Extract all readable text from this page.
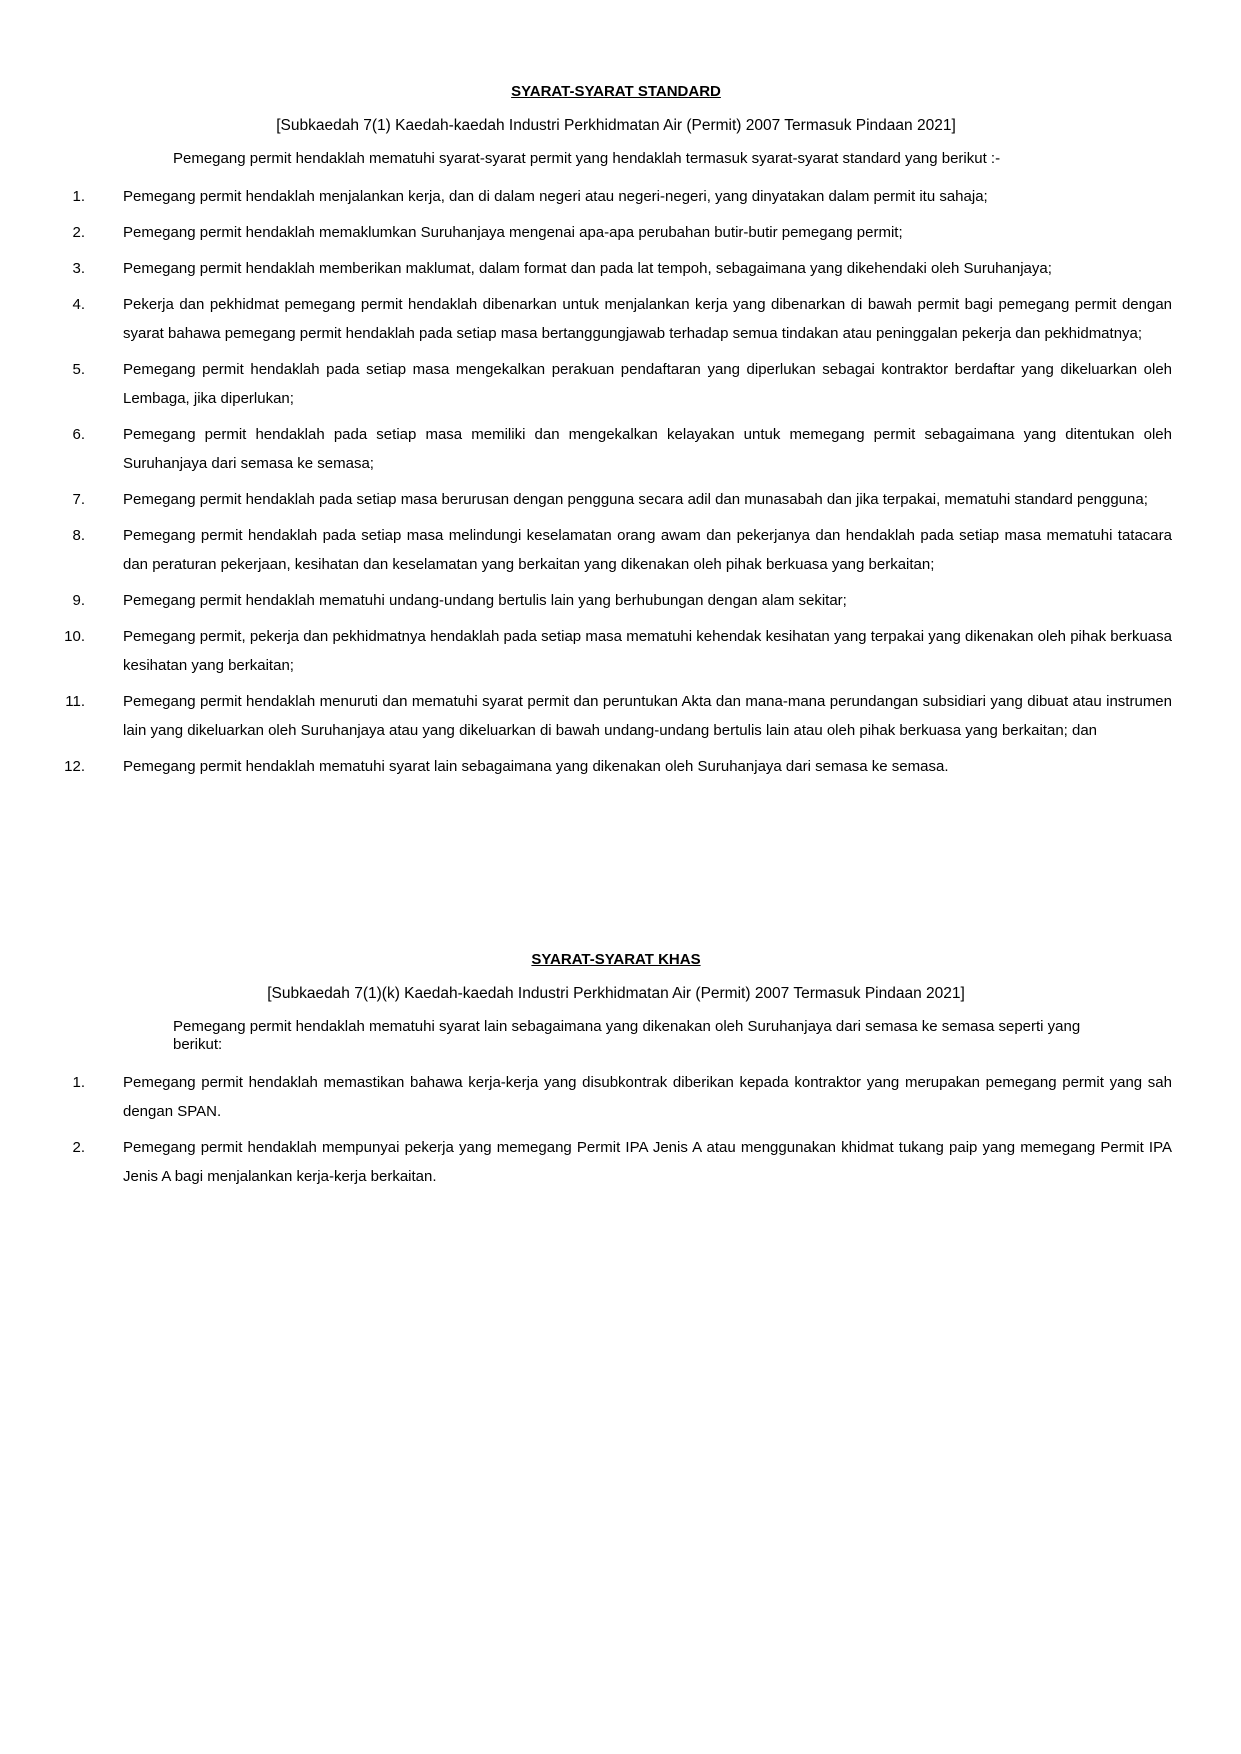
SYARAT-SYARAT STANDARD

[Subkaedah 7(1) Kaedah-kaedah Industri Perkhidmatan Air (Permit) 2007 Termasuk Pindaan 2021]

Pemegang permit hendaklah mematuhi syarat-syarat permit yang hendaklah termasuk syarat-syarat standard yang berikut :-

1.	Pemegang permit hendaklah menjalankan kerja, dan di dalam negeri atau negeri-negeri, yang dinyatakan dalam permit itu sahaja;
2.	Pemegang permit hendaklah memaklumkan Suruhanjaya mengenai apa-apa perubahan butir-butir pemegang permit;
3.	Pemegang permit hendaklah memberikan maklumat, dalam format dan pada lat tempoh, sebagaimana yang dikehendaki oleh Suruhanjaya;
4.	Pekerja dan pekhidmat pemegang permit hendaklah dibenarkan untuk menjalankan kerja yang dibenarkan di bawah permit bagi pemegang permit dengan syarat bahawa pemegang permit hendaklah pada setiap masa bertanggungjawab terhadap semua tindakan atau peninggalan pekerja dan pekhidmatnya;
5.	Pemegang permit hendaklah pada setiap masa mengekalkan perakuan pendaftaran yang diperlukan sebagai kontraktor berdaftar yang dikeluarkan oleh Lembaga, jika diperlukan;
6.	Pemegang permit hendaklah pada setiap masa memiliki dan mengekalkan kelayakan untuk memegang permit sebagaimana yang ditentukan oleh Suruhanjaya dari semasa ke semasa;
7.	Pemegang permit hendaklah pada setiap masa berurusan dengan pengguna secara adil dan munasabah dan jika terpakai, mematuhi standard pengguna;
8.	Pemegang permit hendaklah pada setiap masa melindungi keselamatan orang awam dan pekerjanya dan hendaklah pada setiap masa mematuhi tatacara dan peraturan pekerjaan, kesihatan dan keselamatan yang berkaitan yang dikenakan oleh pihak berkuasa yang berkaitan;
9.	Pemegang permit hendaklah mematuhi undang-undang bertulis lain yang berhubungan dengan alam sekitar;
10.	Pemegang permit, pekerja dan pekhidmatnya hendaklah pada setiap masa mematuhi kehendak kesihatan yang terpakai yang dikenakan oleh pihak berkuasa kesihatan yang berkaitan;
11.	Pemegang permit hendaklah menuruti dan mematuhi syarat permit dan peruntukan Akta dan mana-mana perundangan subsidiari yang dibuat atau instrumen lain yang dikeluarkan oleh Suruhanjaya atau yang dikeluarkan di bawah undang-undang bertulis lain atau oleh pihak berkuasa yang berkaitan; dan
12.	Pemegang permit hendaklah mematuhi syarat lain sebagaimana yang dikenakan oleh Suruhanjaya dari semasa ke semasa.
SYARAT-SYARAT KHAS

[Subkaedah 7(1)(k) Kaedah-kaedah Industri Perkhidmatan Air (Permit) 2007 Termasuk Pindaan 2021]

Pemegang permit hendaklah mematuhi syarat lain sebagaimana yang dikenakan oleh Suruhanjaya dari semasa ke semasa seperti yang berikut:

1.	Pemegang permit hendaklah memastikan bahawa kerja-kerja yang disubkontrak diberikan kepada kontraktor yang merupakan pemegang permit yang sah dengan SPAN.
2.	Pemegang permit hendaklah mempunyai pekerja yang memegang Permit IPA Jenis A atau menggunakan khidmat tukang paip yang memegang Permit IPA Jenis A bagi menjalankan kerja-kerja berkaitan.
